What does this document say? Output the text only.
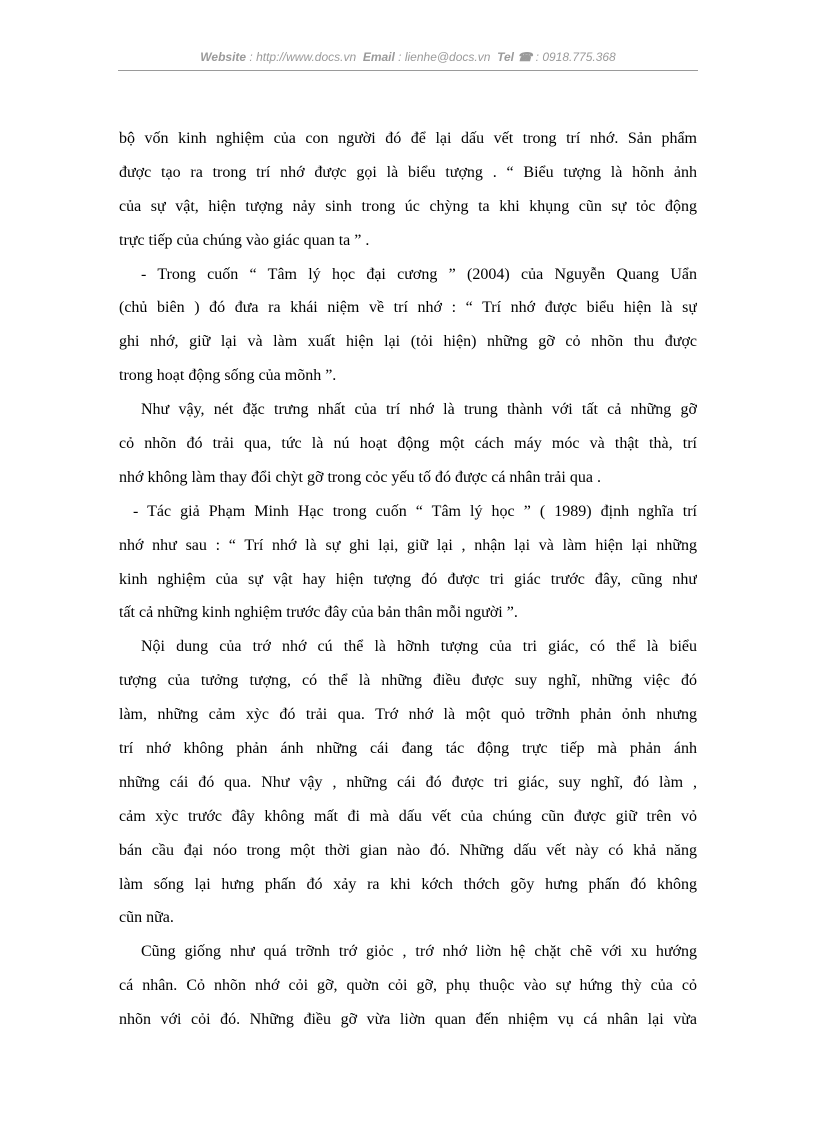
Website : http://www.docs.vn Email : lienhe@docs.vn Tel ☎ : 0918.775.368
bộ vốn kinh nghiệm của con người đó để lại dấu vết trong trí nhớ. Sản phẩm
được tạo ra trong trí nhớ được gọi là biểu tượng . “ Biểu tượng là hõnh ảnh
của sự vật, hiện tượng nảy sinh trong úc chỳng ta khi khụng cũn sự tỏc động
trực tiếp của chúng vào giác quan ta ” .
- Trong cuốn “ Tâm lý học đại cương ” (2004) của Nguyễn Quang Uẩn
(chủ biên ) đó đưa ra khái niệm về trí nhớ : “ Trí nhớ được biểu hiện là sự
ghi nhớ, giữ lại và làm xuất hiện lại (tỏi hiện) những gỡ cỏ nhõn thu được
trong hoạt động sống của mõnh ”.
Như vậy, nét đặc trưng nhất của trí nhớ là trung thành với tất cả những gỡ
cỏ nhõn đó trải qua, tức là nú hoạt động một cách máy móc và thật thà, trí
nhớ không làm thay đổi chỳt gỡ trong cỏc yếu tố đó được cá nhân trải qua .
- Tác giả Phạm Minh Hạc trong cuốn “ Tâm lý học ” ( 1989) định nghĩa trí
nhớ như sau : “ Trí nhớ là sự ghi lại, giữ lại , nhận lại và làm hiện lại những
kinh nghiệm của sự vật hay hiện tượng đó được tri giác trước đây, cũng như
tất cả những kinh nghiệm trước đây của bản thân mỗi người ”.
Nội dung của trớ nhớ cú thể là hỡnh tượng của tri giác, có thể là biểu
tượng của tưởng tượng, có thể là những điều được suy nghĩ, những việc đó
làm, những cảm xỳc đó trải qua. Trớ nhớ là một quỏ trỡnh phản ỏnh nhưng
trí nhớ không phản ánh những cái đang tác động trực tiếp mà phản ánh
những cái đó qua. Như vậy , những cái đó được tri giác, suy nghĩ, đó làm ,
cảm xỳc trước đây không mất đi mà dấu vết của chúng cũn được giữ trên vỏ
bán cầu đại nóo trong một thời gian nào đó. Những dấu vết này có khả năng
làm sống lại hưng phấn đó xảy ra khi kớch thớch gõy hưng phấn đó không
cũn nữa.
Cũng giống như quá trỡnh trớ giỏc , trớ nhớ liờn hệ chặt chẽ với xu hướng
cá nhân. Cỏ nhõn nhớ cỏi gỡ, quờn cỏi gỡ, phụ thuộc vào sự hứng thỳ của cỏ
nhõn với cỏi đó. Những điều gỡ vừa liờn quan đến nhiệm vụ cá nhân lại vừa
